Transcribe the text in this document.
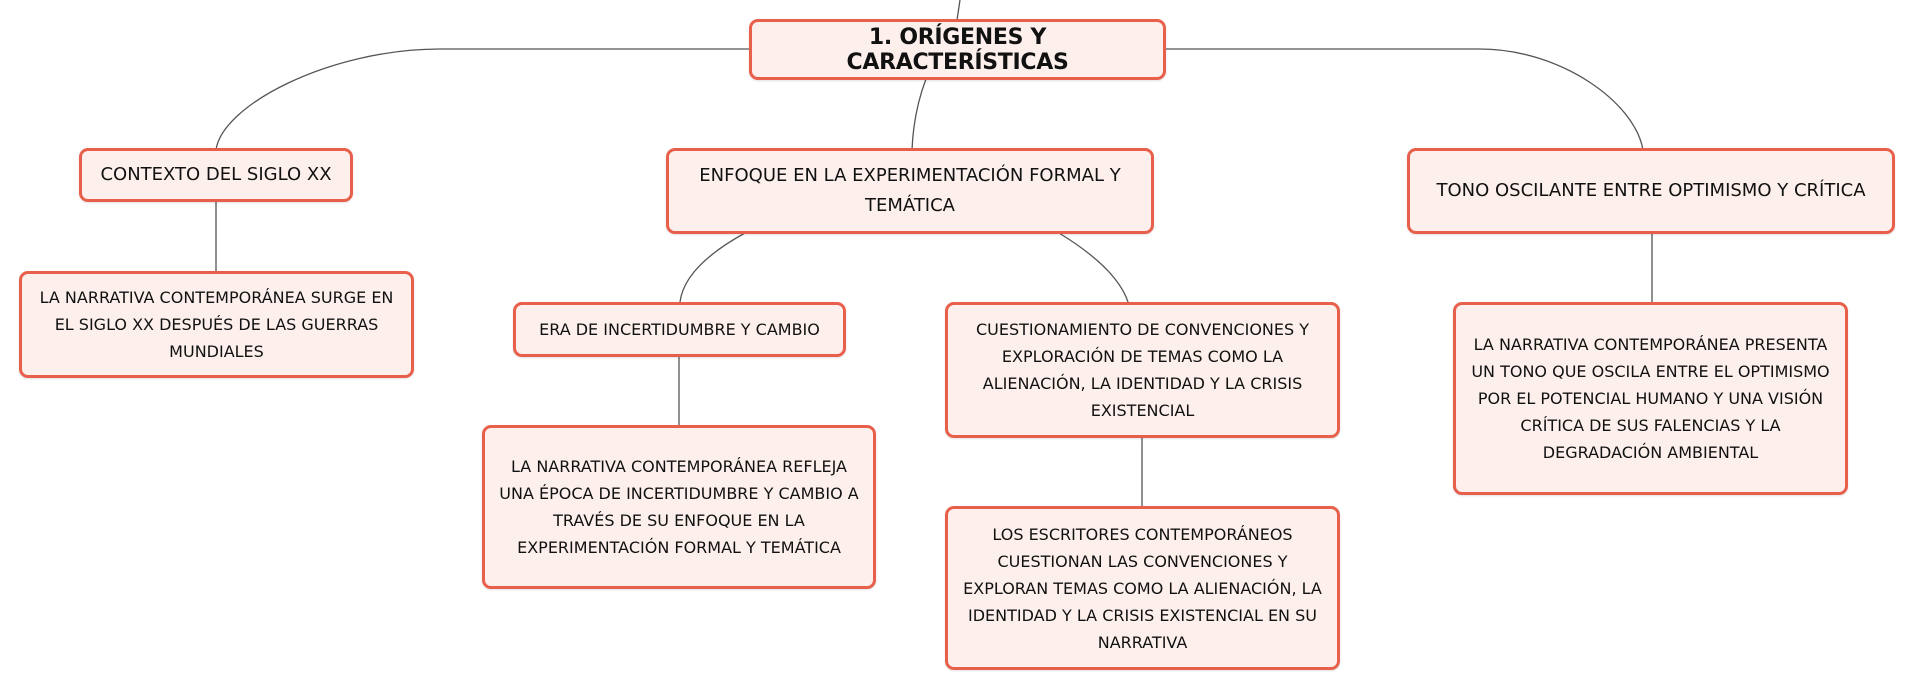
1. ORÍGENES Y CARACTERÍSTICAS
CONTEXTO DEL SIGLO XX
LA NARRATIVA CONTEMPORÁNEA SURGE EN EL SIGLO XX DESPUÉS DE LAS GUERRAS MUNDIALES
ENFOQUE EN LA EXPERIMENTACIÓN FORMAL Y TEMÁTICA
ERA DE INCERTIDUMBRE Y CAMBIO
LA NARRATIVA CONTEMPORÁNEA REFLEJA UNA ÉPOCA DE INCERTIDUMBRE Y CAMBIO A TRAVÉS DE SU ENFOQUE EN LA EXPERIMENTACIÓN FORMAL Y TEMÁTICA
CUESTIONAMIENTO DE CONVENCIONES Y EXPLORACIÓN DE TEMAS COMO LA ALIENACIÓN, LA IDENTIDAD Y LA CRISIS EXISTENCIAL
LOS ESCRITORES CONTEMPORÁNEOS CUESTIONAN LAS CONVENCIONES Y EXPLORAN TEMAS COMO LA ALIENACIÓN, LA IDENTIDAD Y LA CRISIS EXISTENCIAL EN SU NARRATIVA
TONO OSCILANTE ENTRE OPTIMISMO Y CRÍTICA
LA NARRATIVA CONTEMPORÁNEA PRESENTA UN TONO QUE OSCILA ENTRE EL OPTIMISMO POR EL POTENCIAL HUMANO Y UNA VISIÓN CRÍTICA DE SUS FALENCIAS Y LA DEGRADACIÓN AMBIENTAL
